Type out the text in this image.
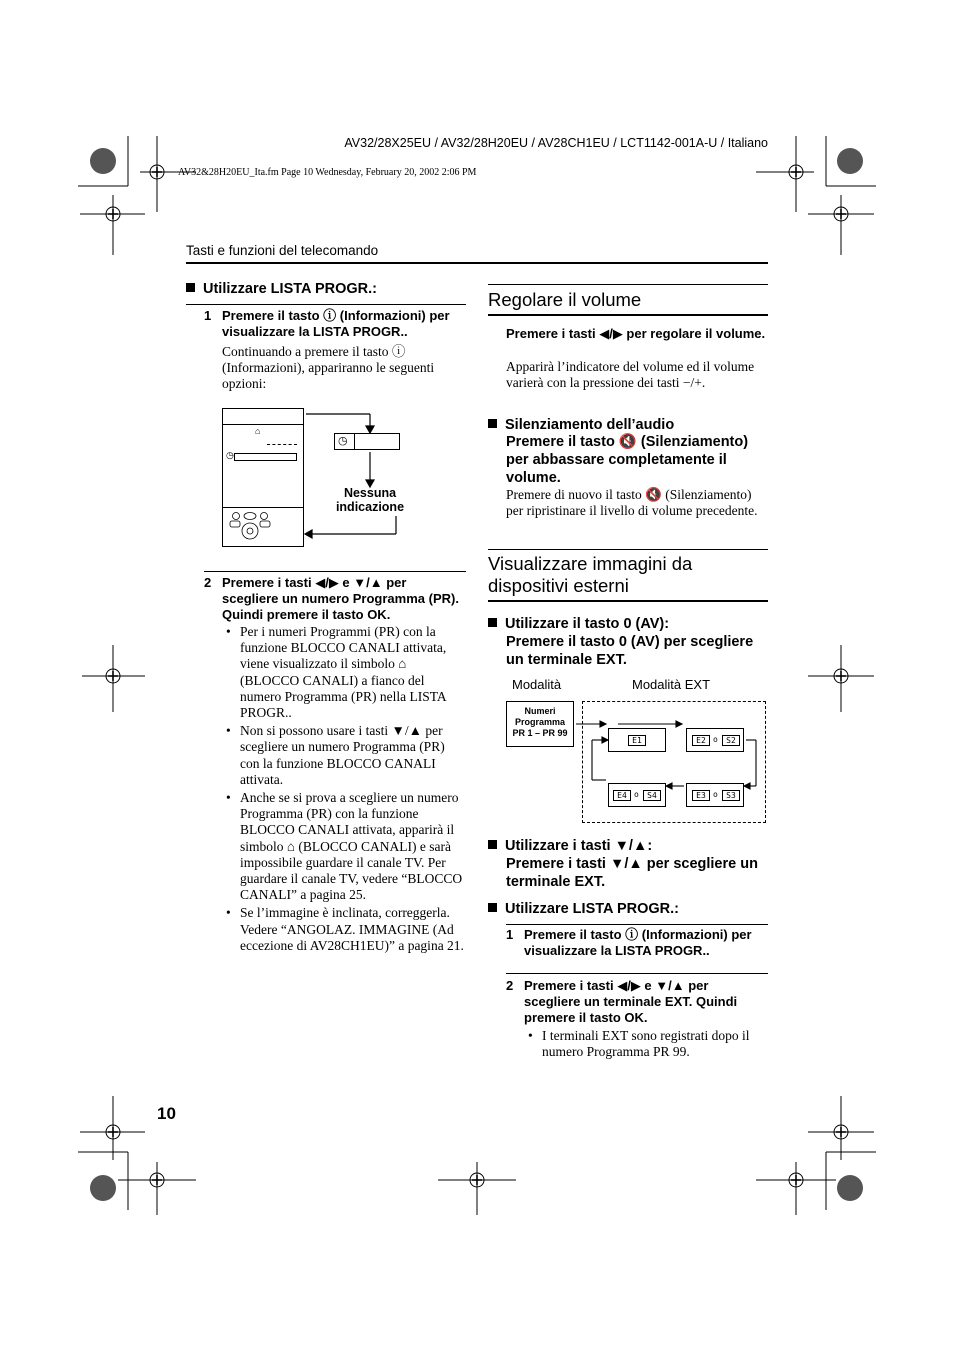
AV32/28X25EU / AV32/28H20EU / AV28CH1EU / LCT1142-001A-U / Italiano
AV32&28H20EU_Ita.fm Page 10 Wednesday, February 20, 2002 2:06 PM
Tasti e funzioni del telecomando
Utilizzare LISTA PROGR.:
1 Premere il tasto ⓘ (Informazioni) per visualizzare la LISTA PROGR..
Continuando a premere il tasto ⓘ (Informazioni), appariranno le seguenti opzioni:
⌂
◷
◷
Nessuna
indicazione
2 Premere i tasti ◀/▶ e ▼/▲ per scegliere un numero Programma (PR). Quindi premere il tasto OK.
• Per i numeri Programmi (PR) con la funzione BLOCCO CANALI attivata, viene visualizzato il simbolo ⌂ (BLOCCO CANALI) a fianco del numero Programma (PR) nella LISTA PROGR..
• Non si possono usare i tasti ▼/▲ per scegliere un numero Programma (PR) con la funzione BLOCCO CANALI attivata.
• Anche se si prova a scegliere un numero Programma (PR) con la funzione BLOCCO CANALI attivata, apparirà il simbolo ⌂ (BLOCCO CANALI) e sarà impossibile guardare il canale TV. Per guardare il canale TV, vedere “BLOCCO CANALI” a pagina 25.
• Se l’immagine è inclinata, correggerla. Vedere “ANGOLAZ. IMMAGINE (Ad eccezione di AV28CH1EU)” a pagina 21.
Regolare il volume
Premere i tasti ◀/▶ per regolare il volume.
Apparirà l’indicatore del volume ed il volume varierà con la pressione dei tasti −/+.
Silenziamento dell’audio
Premere il tasto 🔇 (Silenziamento) per abbassare completamente il volume.
Premere di nuovo il tasto 🔇 (Silenziamento) per ripristinare il livello di volume precedente.
Visualizzare immagini da dispositivi esterni
Utilizzare il tasto 0 (AV):
Premere il tasto 0 (AV) per scegliere un terminale EXT.
Modalità	Modalità EXT
Numeri
Programma
PR 1 – PR 99
E1	E2 o	S2
E4 o	S4	E3 o	S3
Utilizzare i tasti ▼/▲:
Premere i tasti ▼/▲ per scegliere un terminale EXT.
Utilizzare LISTA PROGR.:
1 Premere il tasto ⓘ (Informazioni) per visualizzare la LISTA PROGR..
2 Premere i tasti ◀/▶ e ▼/▲ per scegliere un terminale EXT. Quindi premere il tasto OK.
• I terminali EXT sono registrati dopo il numero Programma PR 99.
10
